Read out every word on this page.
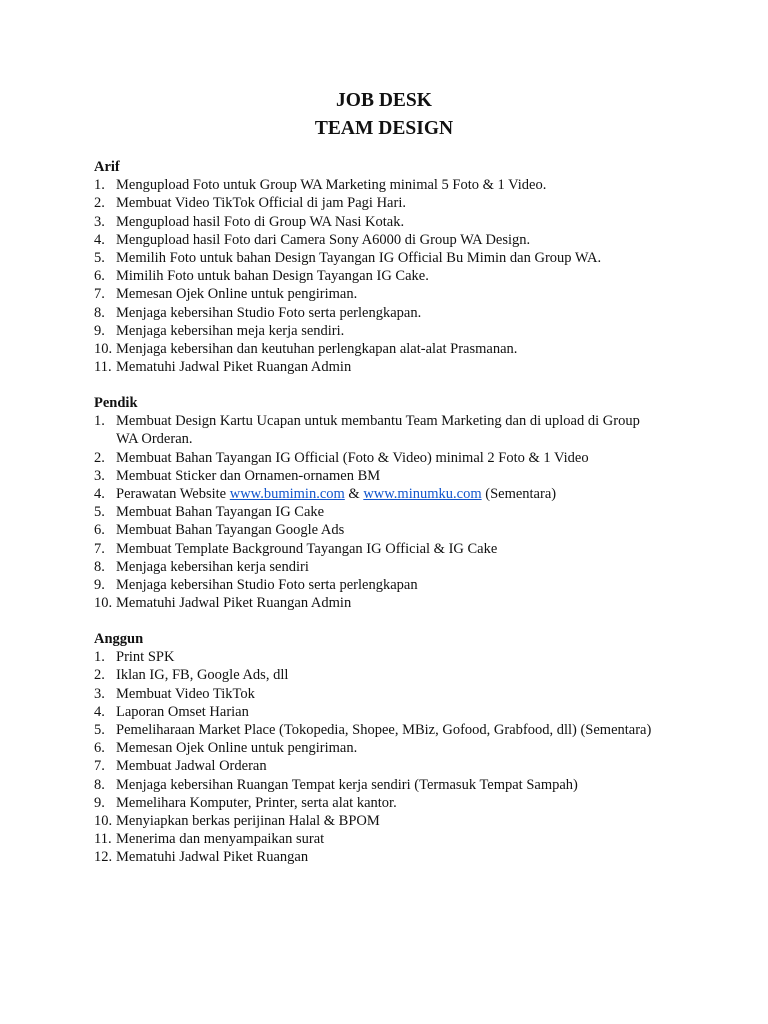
JOB DESK
TEAM DESIGN
Arif
1. Mengupload Foto untuk Group WA Marketing minimal 5 Foto & 1 Video.
2. Membuat Video TikTok Official di jam Pagi Hari.
3. Mengupload hasil Foto di Group WA Nasi Kotak.
4. Mengupload hasil Foto dari Camera Sony A6000 di Group WA Design.
5. Memilih Foto untuk bahan Design Tayangan IG Official Bu Mimin dan Group WA.
6. Mimilih Foto untuk bahan Design Tayangan IG Cake.
7. Memesan Ojek Online untuk pengiriman.
8. Menjaga kebersihan Studio Foto serta perlengkapan.
9. Menjaga kebersihan meja kerja sendiri.
10. Menjaga kebersihan dan keutuhan perlengkapan alat-alat Prasmanan.
11. Mematuhi Jadwal Piket Ruangan Admin
Pendik
1. Membuat Design Kartu Ucapan untuk membantu Team Marketing dan di upload di Group WA Orderan.
2. Membuat Bahan Tayangan IG Official (Foto & Video) minimal 2 Foto & 1 Video
3. Membuat Sticker dan Ornamen-ornamen BM
4. Perawatan Website www.bumimin.com & www.minumku.com (Sementara)
5. Membuat Bahan Tayangan IG Cake
6. Membuat Bahan Tayangan Google Ads
7. Membuat Template Background Tayangan IG Official & IG Cake
8. Menjaga kebersihan kerja sendiri
9. Menjaga kebersihan Studio Foto serta perlengkapan
10. Mematuhi Jadwal Piket Ruangan Admin
Anggun
1. Print SPK
2. Iklan IG, FB, Google Ads, dll
3. Membuat Video TikTok
4. Laporan Omset Harian
5. Pemeliharaan Market Place (Tokopedia, Shopee, MBiz, Gofood, Grabfood, dll) (Sementara)
6. Memesan Ojek Online untuk pengiriman.
7. Membuat Jadwal Orderan
8. Menjaga kebersihan Ruangan Tempat kerja sendiri (Termasuk Tempat Sampah)
9. Memelihara Komputer, Printer, serta alat kantor.
10. Menyiapkan berkas perijinan Halal & BPOM
11. Menerima dan menyampaikan surat
12. Mematuhi Jadwal Piket Ruangan
